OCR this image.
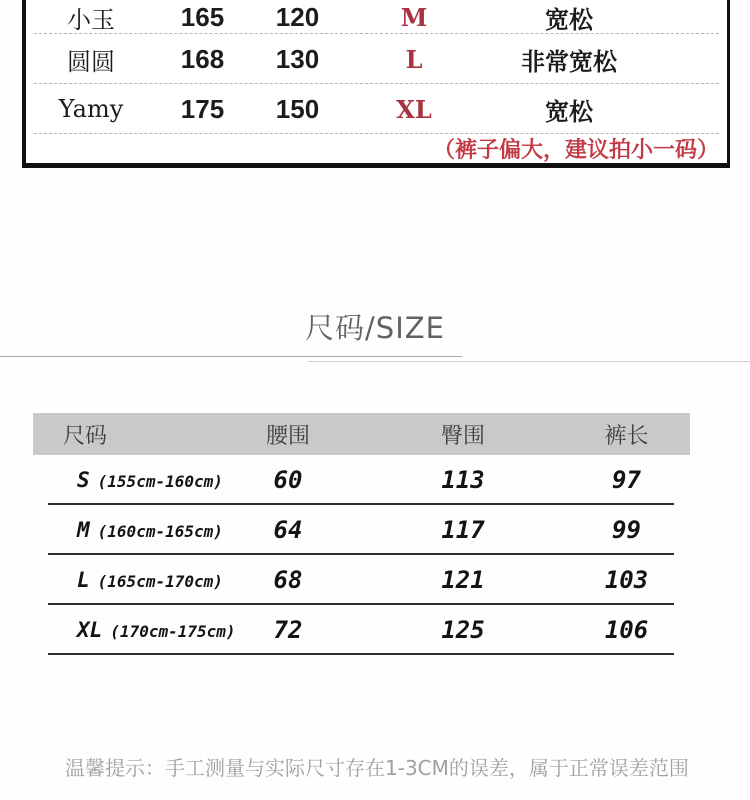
小玉	165	120	M	宽松
圆圆	168	130	L	非常宽松
Yamy	175	150	XL	宽松
（裤子偏大，建议拍小一码）
尺码/SIZE
尺码	腰围	臀围	裤长
S (155cm-160cm)	60	113	97
M (160cm-165cm)	64	117	99
L (165cm-170cm)	68	121	103
XL (170cm-175cm)	72	125	106
温馨提示：手工测量与实际尺寸存在1-3CM的误差，属于正常误差范围
